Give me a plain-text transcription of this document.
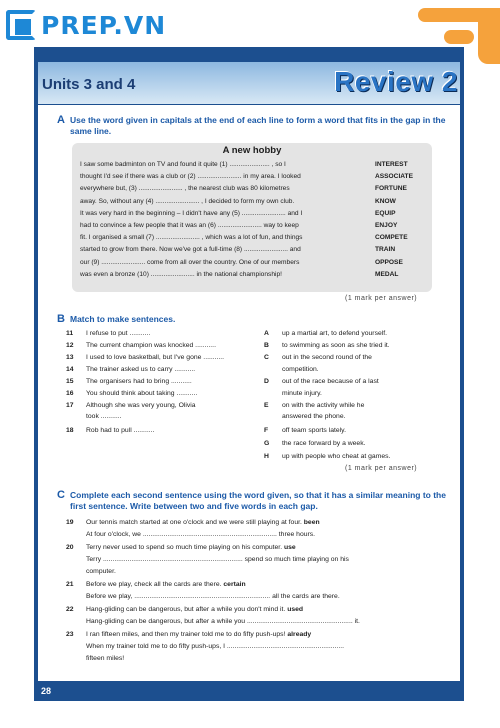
PREP.VN
Units 3 and 4	Review 2
A Use the word given in capitals at the end of each line to form a word that fits in the gap in the
same line.
A new hobby
I saw some badminton on TV and found it quite (1) ...................... , so I	INTEREST
thought I'd see if there was a club or (2) ........................ in my area. I looked	ASSOCIATE
everywhere but, (3) ........................ , the nearest club was 80 kilometres	FORTUNE
away. So, without any (4) ........................ , I decided to form my own club.	KNOW
It was very hard in the beginning – I didn't have any (5) ........................ and I	EQUIP
had to convince a few people that it was an (6) ........................ way to keep	ENJOY
fit. I organised a small (7) ........................ , which was a lot of fun, and things	COMPETE
started to grow from there. Now we've got a full-time (8) ........................ and	TRAIN
our (9) ........................ come from all over the country. One of our members	OPPOSE
was even a bronze (10) ........................ in the national championship!	MEDAL
(1 mark per answer)
B Match to make sentences.
11 I refuse to put ...........
12 The current champion was knocked ...........
13 I used to love basketball, but I've gone ...........
14 The trainer asked us to carry ...........
15 The organisers had to bring ...........
16 You should think about taking ...........
17 Although she was very young, Olivia
took ...........
18 Rob had to pull ...........
A up a martial art, to defend yourself.
B to swimming as soon as she tried it.
C out in the second round of the
competition.
D out of the race because of a last
minute injury.
E on with the activity while he
answered the phone.
F off team sports lately.
G the race forward by a week.
H up with people who cheat at games.
(1 mark per answer)
C Complete each second sentence using the word given, so that it has a similar meaning to the
first sentence. Write between two and five words in each gap.
19 Our tennis match started at one o'clock and we were still playing at four. been
At four o'clock, we ....................................................................... three hours.
20 Terry never used to spend so much time playing on his computer. use
Terry .......................................................................... spend so much time playing on his
computer.
21 Before we play, check all the cards are there. certain
Before we play, ........................................................................ all the cards are there.
22 Hang-gliding can be dangerous, but after a while you don't mind it. used
Hang-gliding can be dangerous, but after a while you ........................................................ it.
23 I ran fifteen miles, and then my trainer told me to do fifty push-ups! already
When my trainer told me to do fifty push-ups, I ..............................................................
fifteen miles!
28
